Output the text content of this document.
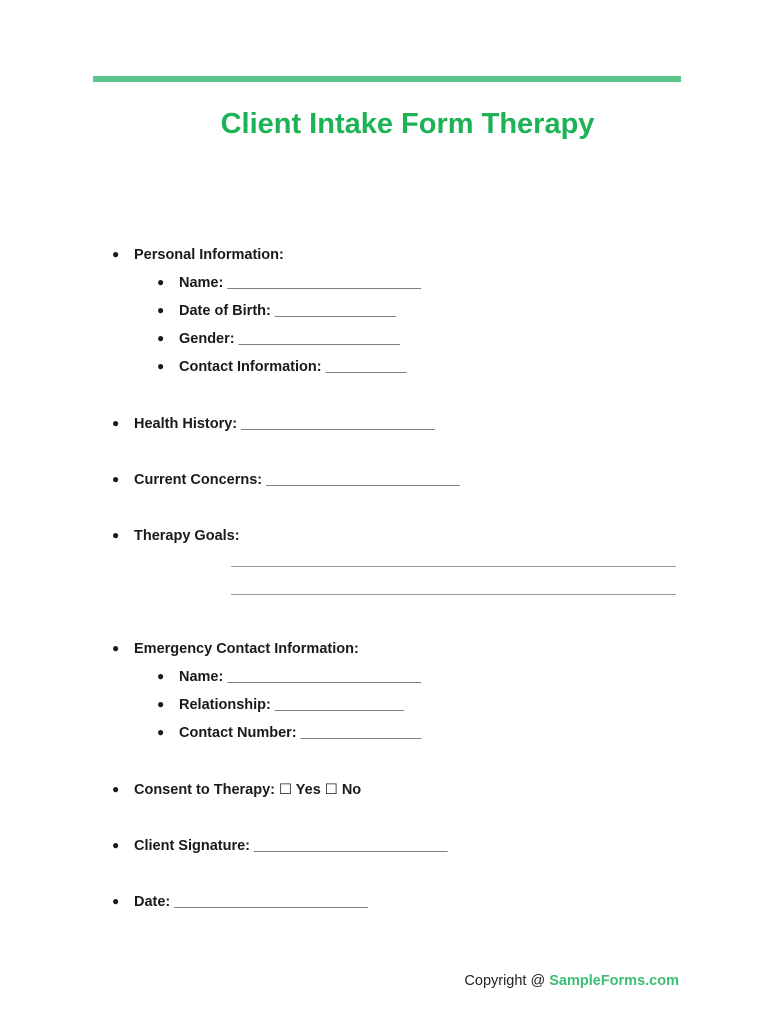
Client Intake Form Therapy
● Personal Information:
● Name: ________________________
● Date of Birth: _______________
● Gender: ____________________
● Contact Information: __________
● Health History: ________________________
● Current Concerns: ________________________
● Therapy Goals:
● Emergency Contact Information:
● Name: ________________________
● Relationship: ________________
● Contact Number: _______________
● Consent to Therapy: ☐ Yes ☐ No
● Client Signature: ________________________
● Date: ________________________
Copyright @ SampleForms.com
